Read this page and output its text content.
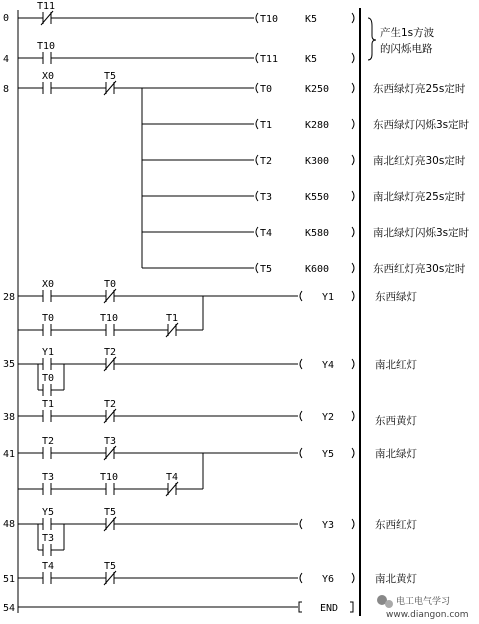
0
4
8
28
35
38
41
48
51
54
T11
T10	K5
T10
T11	K5
产生1s方波
的闪烁电路
X0	T5
T0	K250
T1	K280
T2	K300
T3	K550
T4	K580
T5	K600
东西绿灯亮25s定时
东西绿灯闪烁3s定时
南北红灯亮30s定时
南北绿灯亮25s定时
南北绿灯闪烁3s定时
东西红灯亮30s定时
X0	T0
Y1
T0	T10	T1
东西绿灯
Y1	T2
Y4
T0
南北红灯
T1	T2
Y2	东西黄灯
T2	T3
Y5
T3	T10	T4
南北绿灯
Y5	T5
Y3
T3
东西红灯
T4	T5
Y6	南北黄灯
END
电工电气学习
www.diangon.com
